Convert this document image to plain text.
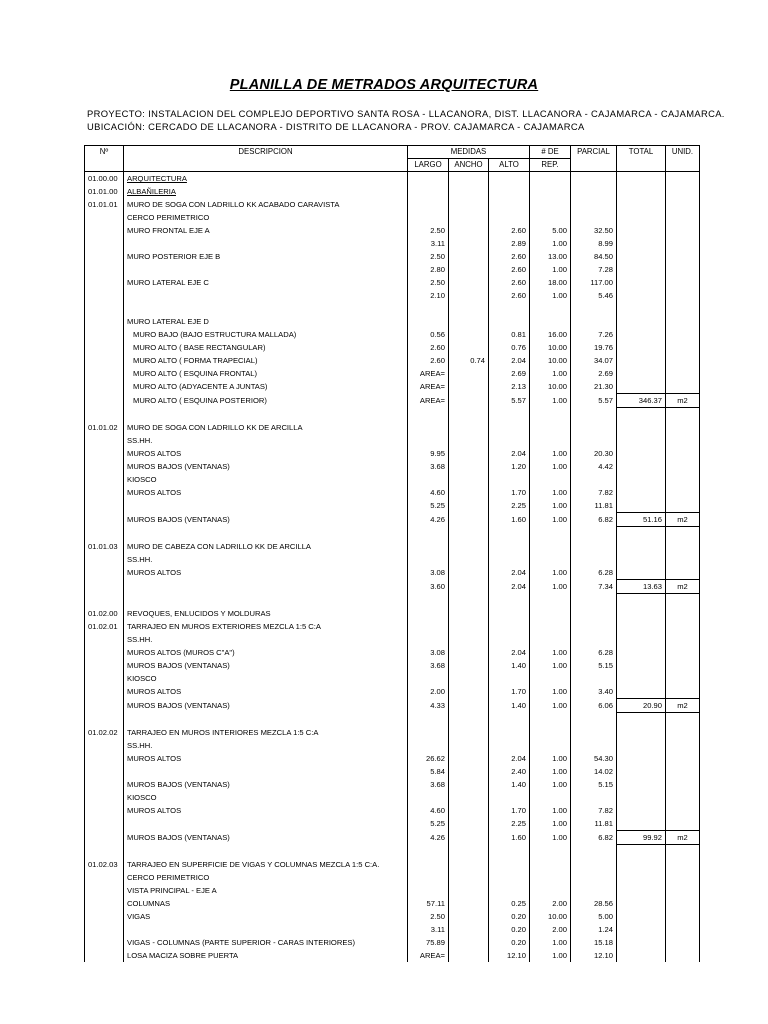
PLANILLA DE METRADOS ARQUITECTURA
PROYECTO: INSTALACION DEL COMPLEJO DEPORTIVO SANTA ROSA - LLACANORA, DIST. LLACANORA - CAJAMARCA - CAJAMARCA.
UBICACIÓN: CERCADO DE LLACANORA - DISTRITO DE LLACANORA - PROV. CAJAMARCA - CAJAMARCA
Nº	DESCRIPCION	MEDIDAS			# DE	PARCIAL	TOTAL	UNID.
		LARGO	ANCHO	ALTO	REP.			
01.00.00	ARQUITECTURA							
01.01.00	ALBAÑILERIA							
01.01.01	MURO DE SOGA CON LADRILLO KK ACABADO CARAVISTA							
	CERCO PERIMETRICO							
	MURO FRONTAL EJE A	2.50		2.60	5.00	32.50		
		3.11		2.89	1.00	8.99		
	MURO POSTERIOR EJE B	2.50		2.60	13.00	84.50		
		2.80		2.60	1.00	7.28		
	MURO LATERAL EJE C	2.50		2.60	18.00	117.00		
		2.10		2.60	1.00	5.46		

	MURO LATERAL EJE D							
	MURO BAJO (BAJO ESTRUCTURA MALLADA)	0.56		0.81	16.00	7.26		
	MURO ALTO ( BASE RECTANGULAR)	2.60		0.76	10.00	19.76		
	MURO ALTO ( FORMA TRAPECIAL)	2.60	0.74	2.04	10.00	34.07		
	MURO ALTO ( ESQUINA FRONTAL)	AREA=		2.69	1.00	2.69		
	MURO ALTO (ADYACENTE A JUNTAS)	AREA=		2.13	10.00	21.30		
	MURO ALTO ( ESQUINA POSTERIOR)	AREA=		5.57	1.00	5.57	346.37	m2

01.01.02	MURO DE SOGA CON LADRILLO KK DE ARCILLA							
	SS.HH.							
	MUROS ALTOS	9.95		2.04	1.00	20.30		
	MUROS BAJOS (VENTANAS)	3.68		1.20	1.00	4.42		
	KIOSCO							
	MUROS ALTOS	4.60		1.70	1.00	7.82		
		5.25		2.25	1.00	11.81		
	MUROS BAJOS (VENTANAS)	4.26		1.60	1.00	6.82	51.16	m2

01.01.03	MURO DE CABEZA CON LADRILLO KK DE ARCILLA							
	SS.HH.							
	MUROS ALTOS	3.08		2.04	1.00	6.28		
		3.60		2.04	1.00	7.34	13.63	m2

01.02.00	REVOQUES, ENLUCIDOS Y MOLDURAS							
01.02.01	TARRAJEO EN MUROS EXTERIORES MEZCLA 1:5 C:A							
	SS.HH.							
	MUROS ALTOS (MUROS C"A")	3.08		2.04	1.00	6.28		
	MUROS BAJOS (VENTANAS)	3.68		1.40	1.00	5.15		
	KIOSCO							
	MUROS ALTOS	2.00		1.70	1.00	3.40		
	MUROS BAJOS (VENTANAS)	4.33		1.40	1.00	6.06	20.90	m2

01.02.02	TARRAJEO EN MUROS INTERIORES MEZCLA 1:5 C:A							
	SS.HH.							
	MUROS ALTOS	26.62		2.04	1.00	54.30		
		5.84		2.40	1.00	14.02		
	MUROS BAJOS (VENTANAS)	3.68		1.40	1.00	5.15		
	KIOSCO							
	MUROS ALTOS	4.60		1.70	1.00	7.82		
		5.25		2.25	1.00	11.81		
	MUROS BAJOS (VENTANAS)	4.26		1.60	1.00	6.82	99.92	m2

01.02.03	TARRAJEO EN SUPERFICIE DE VIGAS Y COLUMNAS MEZCLA 1:5 C:A.							
	CERCO PERIMETRICO							
	VISTA PRINCIPAL - EJE A							
	COLUMNAS	57.11		0.25	2.00	28.56		
	VIGAS	2.50		0.20	10.00	5.00		
		3.11		0.20	2.00	1.24		
	VIGAS - COLUMNAS (PARTE SUPERIOR - CARAS INTERIORES)	75.89		0.20	1.00	15.18		
	LOSA MACIZA SOBRE PUERTA	AREA=		12.10	1.00	12.10		
